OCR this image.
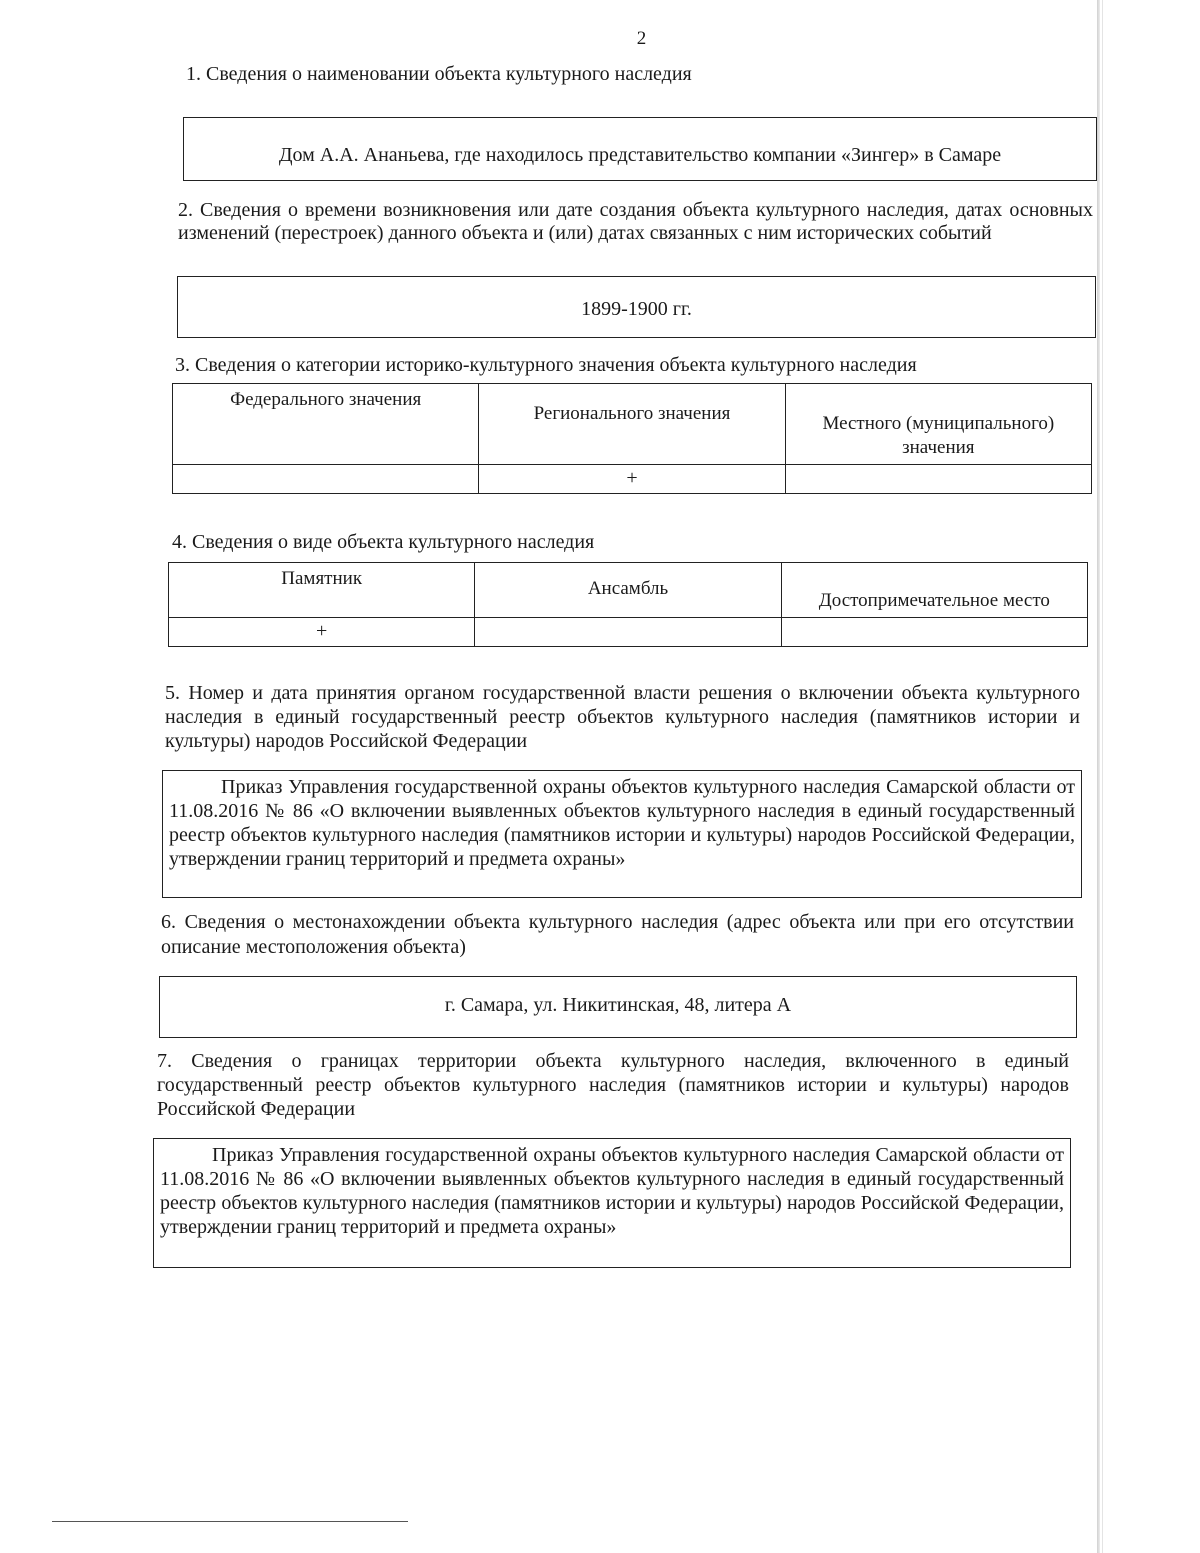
2
1. Сведения о наименовании объекта культурного наследия
Дом А.А. Ананьева, где находилось представительство компании «Зингер» в Самаре
2. Сведения о времени возникновения или дате создания объекта культурного наследия, датах основных изменений (перестроек) данного объекта и (или) датах связанных с ним исторических событий
1899-1900 гг.
3. Сведения о категории историко-культурного значения объекта культурного наследия
Федерального значения	Регионального значения	Местного (муниципального) значения
	+	
4. Сведения о виде объекта культурного наследия
Памятник	Ансамбль	Достопримечательное место
+		
5. Номер и дата принятия органом государственной власти решения о включении объекта культурного наследия в единый государственный реестр объектов культурного наследия (памятников истории и культуры) народов Российской Федерации
Приказ Управления государственной охраны объектов культурного наследия Самарской области от 11.08.2016 № 86 «О включении выявленных объектов культурного наследия в единый государственный реестр объектов культурного наследия (памятников истории и культуры) народов Российской Федерации, утверждении границ территорий и предмета охраны»
6. Сведения о местонахождении объекта культурного наследия (адрес объекта или при его отсутствии описание местоположения объекта)
г. Самара, ул. Никитинская, 48, литера А
7. Сведения о границах территории объекта культурного наследия, включенного в единый государственный реестр объектов культурного наследия (памятников истории и культуры) народов Российской Федерации
Приказ Управления государственной охраны объектов культурного наследия Самарской области от 11.08.2016 № 86 «О включении выявленных объектов культурного наследия в единый государственный реестр объектов культурного наследия (памятников истории и культуры) народов Российской Федерации, утверждении границ территорий и предмета охраны»
